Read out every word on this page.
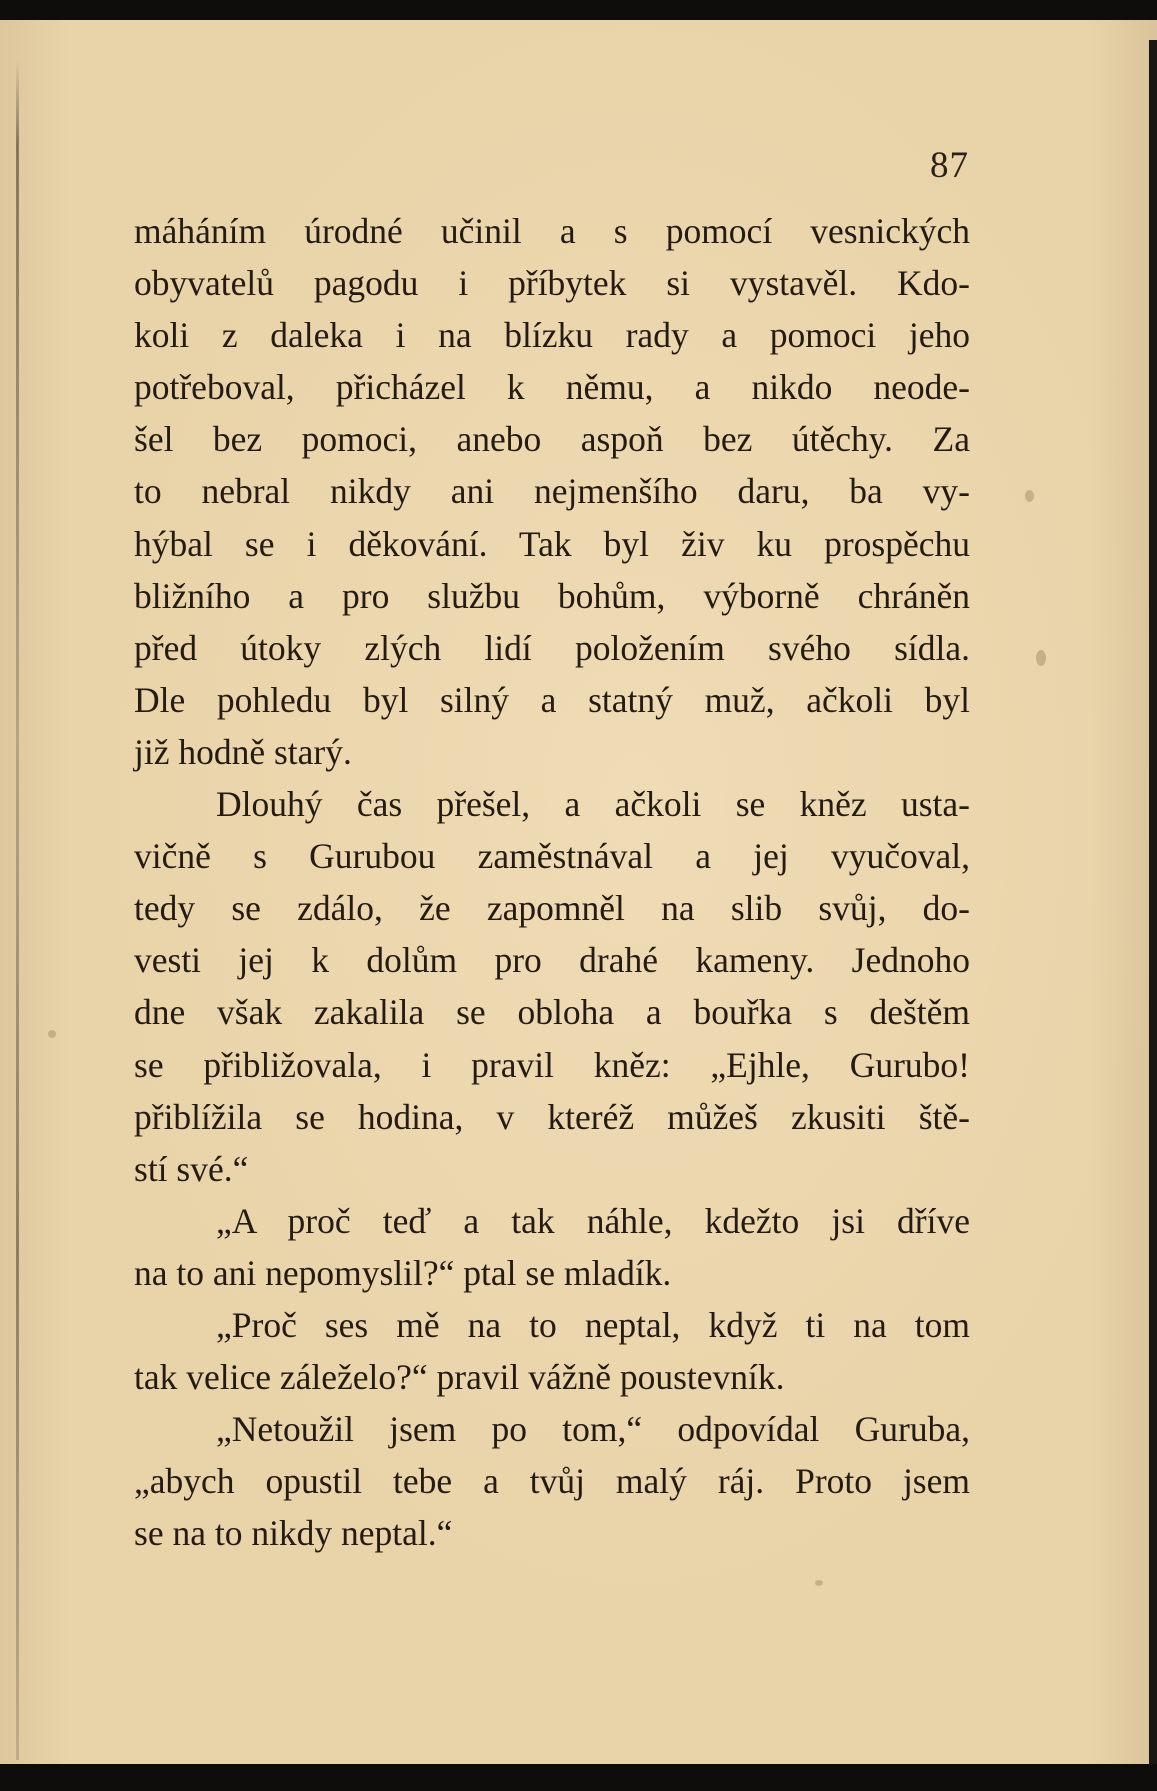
87
máháním úrodné učinil a s pomocí vesnických
obyvatelů pagodu i příbytek si vystavěl. Kdo-
koli z daleka i na blízku rady a pomoci jeho
potřeboval, přicházel k němu, a nikdo neode-
šel bez pomoci, anebo aspoň bez útěchy. Za
to nebral nikdy ani nejmenšího daru, ba vy-
hýbal se i děkování. Tak byl živ ku prospěchu
bližního a pro službu bohům, výborně chráněn
před útoky zlých lidí položením svého sídla.
Dle pohledu byl silný a statný muž, ačkoli byl
již hodně starý.
Dlouhý čas přešel, a ačkoli se kněz usta-
vičně s Gurubou zaměstnával a jej vyučoval,
tedy se zdálo, že zapomněl na slib svůj, do-
vesti jej k dolům pro drahé kameny. Jednoho
dne však zakalila se obloha a bouřka s deštěm
se přibližovala, i pravil kněz: „Ejhle, Gurubo!
přiblížila se hodina, v kteréž můžeš zkusiti ště-
stí své.“
„A proč teď a tak náhle, kdežto jsi dříve
na to ani nepomyslil?“ ptal se mladík.
„Proč ses mě na to neptal, když ti na tom
tak velice záleželo?“ pravil vážně poustevník.
„Netoužil jsem po tom,“ odpovídal Guruba,
„abych opustil tebe a tvůj malý ráj. Proto jsem
se na to nikdy neptal.“
